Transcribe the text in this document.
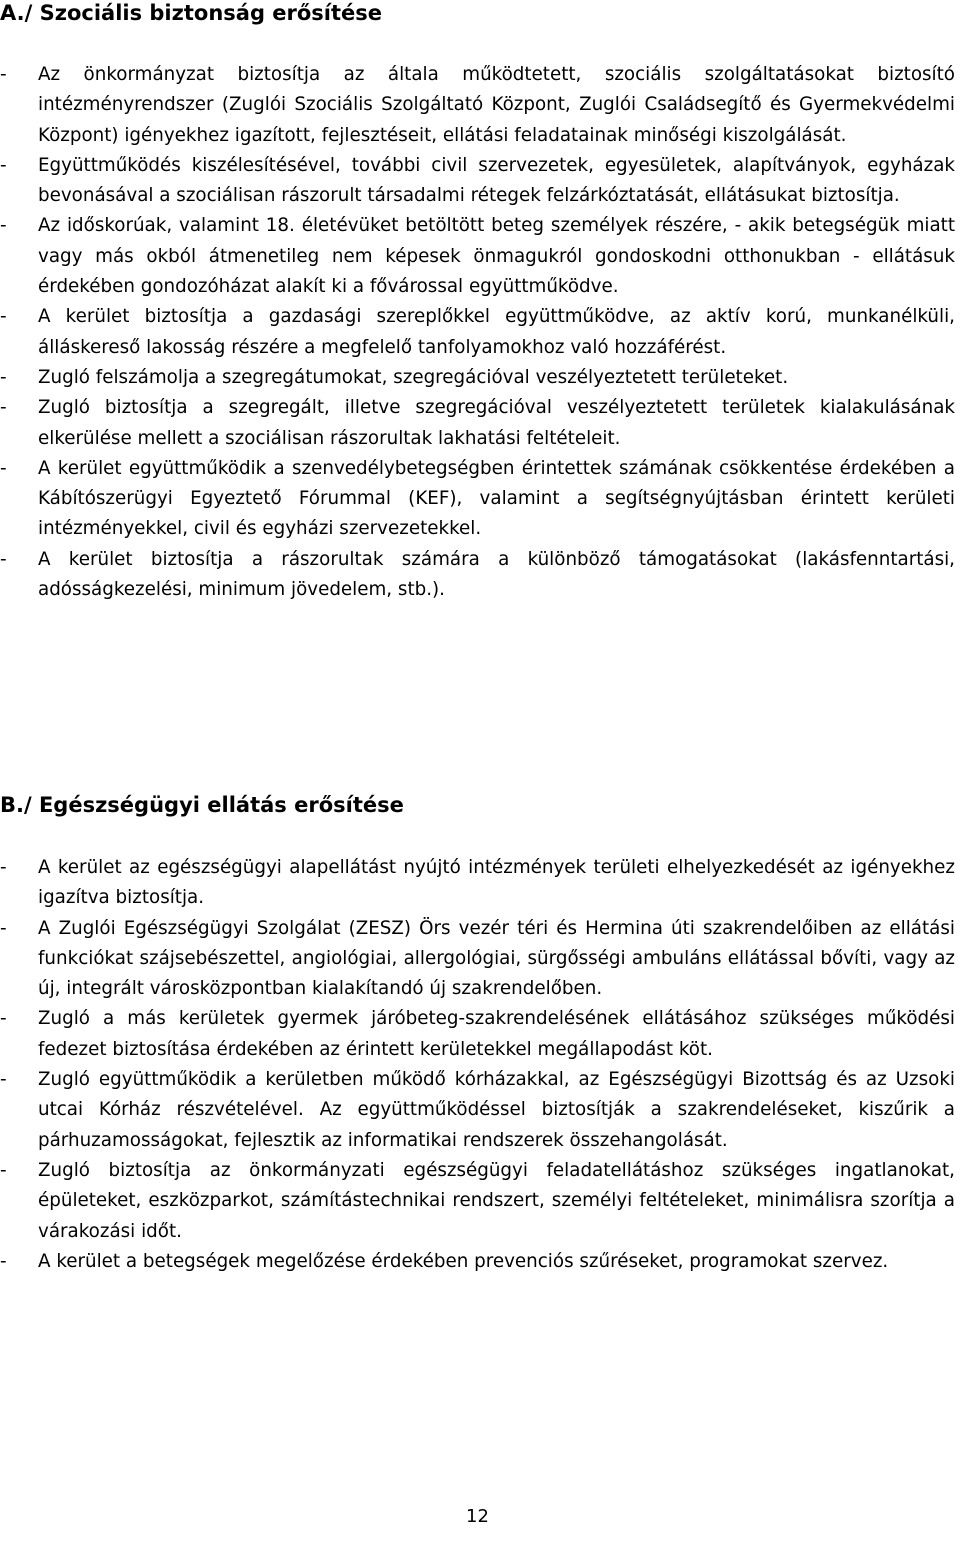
A./ Szociális biztonság erősítése
- Az önkormányzat biztosítja az általa működtetett, szociális szolgáltatásokat biztosító intézményrendszer (Zuglói Szociális Szolgáltató Központ, Zuglói Családsegítő és Gyermekvédelmi Központ) igényekhez igazított, fejlesztéseit, ellátási feladatainak minőségi kiszolgálását.
- Együttműködés kiszélesítésével, további civil szervezetek, egyesületek, alapítványok, egyházak bevonásával a szociálisan rászorult társadalmi rétegek felzárkóztatását, ellátásukat biztosítja.
- Az időskorúak, valamint 18. életévüket betöltött beteg személyek részére, - akik betegségük miatt vagy más okból átmenetileg nem képesek önmagukról gondoskodni otthonukban - ellátásuk érdekében gondozóházat alakít ki a fővárossal együttműködve.
- A kerület biztosítja a gazdasági szereplőkkel együttműködve, az aktív korú, munkanélküli, álláskereső lakosság részére a megfelelő tanfolyamokhoz való hozzáférést.
- Zugló felszámolja a szegregátumokat, szegregációval veszélyeztetett területeket.
- Zugló biztosítja a szegregált, illetve szegregációval veszélyeztetett területek kialakulásának elkerülése mellett a szociálisan rászorultak lakhatási feltételeit.
- A kerület együttműködik a szenvedélybetegségben érintettek számának csökkentése érdekében a Kábítószerügyi Egyeztető Fórummal (KEF), valamint a segítségnyújtásban érintett kerületi intézményekkel, civil és egyházi szervezetekkel.
- A kerület biztosítja a rászorultak számára a különböző támogatásokat (lakásfenntartási, adósságkezelési, minimum jövedelem, stb.).
B./ Egészségügyi ellátás erősítése
- A kerület az egészségügyi alapellátást nyújtó intézmények területi elhelyezkedését az igényekhez igazítva biztosítja.
- A Zuglói Egészségügyi Szolgálat (ZESZ) Örs vezér téri és Hermina úti szakrendelőiben az ellátási funkciókat szájsebészettel, angiológiai, allergológiai, sürgősségi ambuláns ellátással bővíti, vagy az új, integrált városközpontban kialakítandó új szakrendelőben.
- Zugló a más kerületek gyermek járóbeteg-szakrendelésének ellátásához szükséges működési fedezet biztosítása érdekében az érintett kerületekkel megállapodást köt.
- Zugló együttműködik a kerületben működő kórházakkal, az Egészségügyi Bizottság és az Uzsoki utcai Kórház részvételével. Az együttműködéssel biztosítják a szakrendeléseket, kiszűrik a párhuzamosságokat, fejlesztik az informatikai rendszerek összehangolását.
- Zugló biztosítja az önkormányzati egészségügyi feladatellátáshoz szükséges ingatlanokat, épületeket, eszközparkot, számítástechnikai rendszert, személyi feltételeket, minimálisra szorítja a várakozási időt.
- A kerület a betegségek megelőzése érdekében prevenciós szűréseket, programokat szervez.
12
